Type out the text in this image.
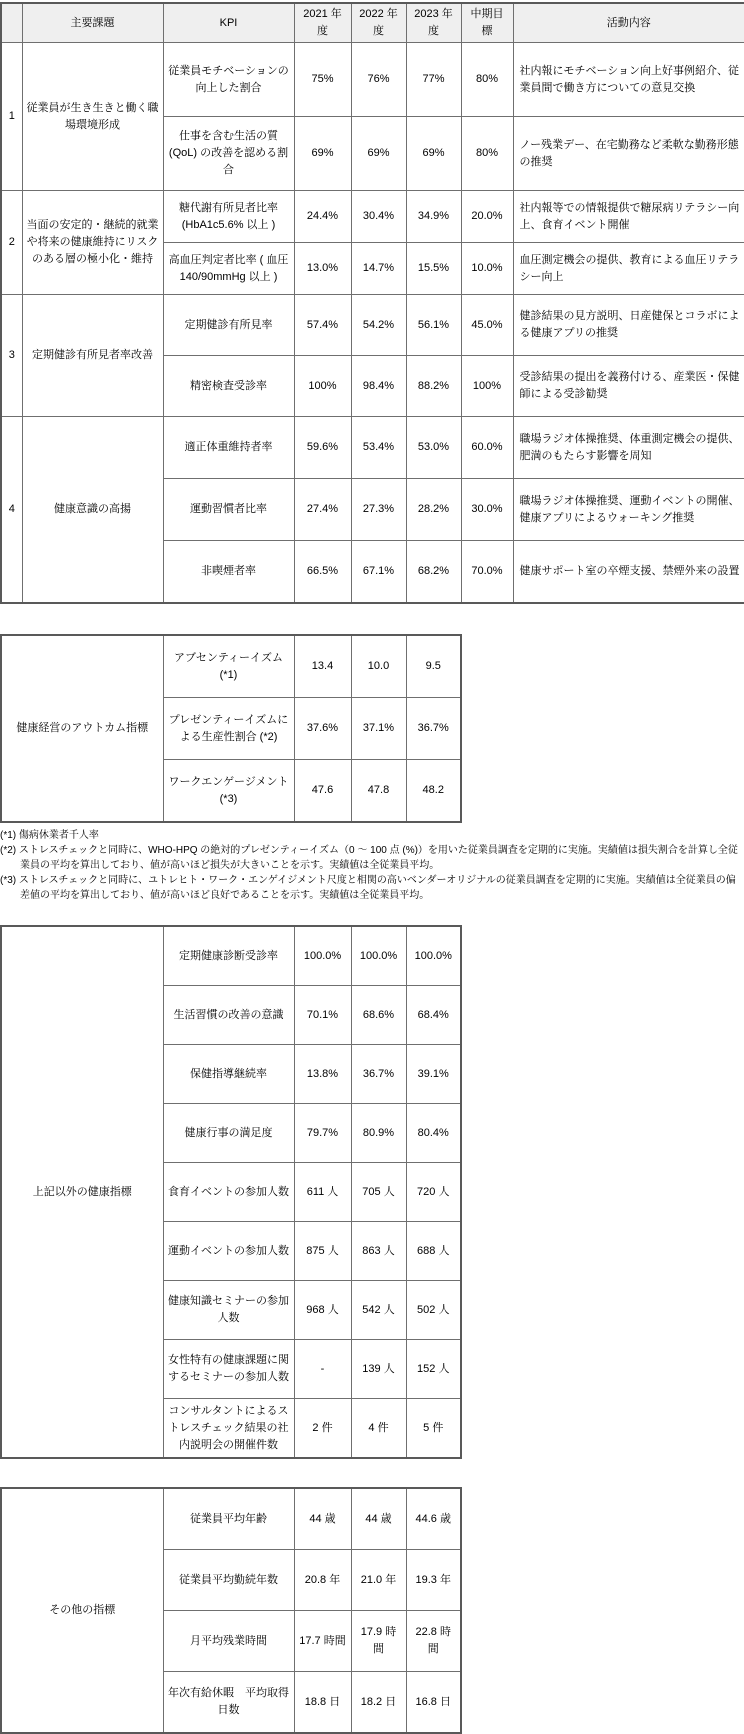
	主要課題	KPI	2021 年度	2022 年度	2023 年度	中期目標	活動内容
1	従業員が生き生きと働く職場環境形成	従業員モチベーションの向上した割合	75%	76%	77%	80%	社内報にモチベーション向上好事例紹介、従業員間で働き方についての意見交換
		仕事を含む生活の質 (QoL) の改善を認める割合	69%	69%	69%	80%	ノー残業デー、在宅勤務など柔軟な勤務形態の推奨
2	当面の安定的・継続的就業や将来の健康維持にリスクのある層の極小化・維持	糖代謝有所見者比率 (HbA1c5.6% 以上 )	24.4%	30.4%	34.9%	20.0%	社内報等での情報提供で糖尿病リテラシー向上、食育イベント開催
		高血圧判定者比率 ( 血圧 140/90mmHg 以上 )	13.0%	14.7%	15.5%	10.0%	血圧測定機会の提供、教育による血圧リテラシー向上
3	定期健診有所見者率改善	定期健診有所見率	57.4%	54.2%	56.1%	45.0%	健診結果の見方説明、日産健保とコラボによる健康アプリの推奨
		精密検査受診率	100%	98.4%	88.2%	100%	受診結果の提出を義務付ける、産業医・保健師による受診勧奨
4	健康意識の高揚	適正体重維持者率	59.6%	53.4%	53.0%	60.0%	職場ラジオ体操推奨、体重測定機会の提供、肥満のもたらす影響を周知
		運動習慣者比率	27.4%	27.3%	28.2%	30.0%	職場ラジオ体操推奨、運動イベントの開催、健康アプリによるウォーキング推奨
		非喫煙者率	66.5%	67.1%	68.2%	70.0%	健康サポート室の卒煙支援、禁煙外来の設置
健康経営のアウトカム指標	アブセンティーイズム (*1)	13.4	10.0	9.5
	プレゼンティーイズムによる生産性割合 (*2)	37.6%	37.1%	36.7%
	ワークエンゲージメント (*3)	47.6	47.8	48.2
(*1) 傷病休業者千人率
(*2) ストレスチェックと同時に、WHO-HPQ の絶対的プレゼンティーイズム（0 ～ 100 点 (%)）を用いた従業員調査を定期的に実施。実績値は損失割合を計算し全従業員の平均を算出しており、値が高いほど損失が大きいことを示す。実績値は全従業員平均。
(*3) ストレスチェックと同時に、ユトレヒト・ワーク・エンゲイジメント尺度と相関の高いベンダーオリジナルの従業員調査を定期的に実施。実績値は全従業員の偏差値の平均を算出しており、値が高いほど良好であることを示す。実績値は全従業員平均。
上記以外の健康指標	定期健康診断受診率	100.0%	100.0%	100.0%
	生活習慣の改善の意識	70.1%	68.6%	68.4%
	保健指導継続率	13.8%	36.7%	39.1%
	健康行事の満足度	79.7%	80.9%	80.4%
	食育イベントの参加人数	611 人	705 人	720 人
	運動イベントの参加人数	875 人	863 人	688 人
	健康知識セミナーの参加人数	968 人	542 人	502 人
	女性特有の健康課題に関するセミナーの参加人数	-	139 人	152 人
	コンサルタントによるストレスチェック結果の社内説明会の開催件数	2 件	4 件	5 件
その他の指標	従業員平均年齢	44 歳	44 歳	44.6 歳
	従業員平均勤続年数	20.8 年	21.0 年	19.3 年
	月平均残業時間	17.7 時間	17.9 時間	22.8 時間
	年次有給休暇　平均取得日数	18.8 日	18.2 日	16.8 日
